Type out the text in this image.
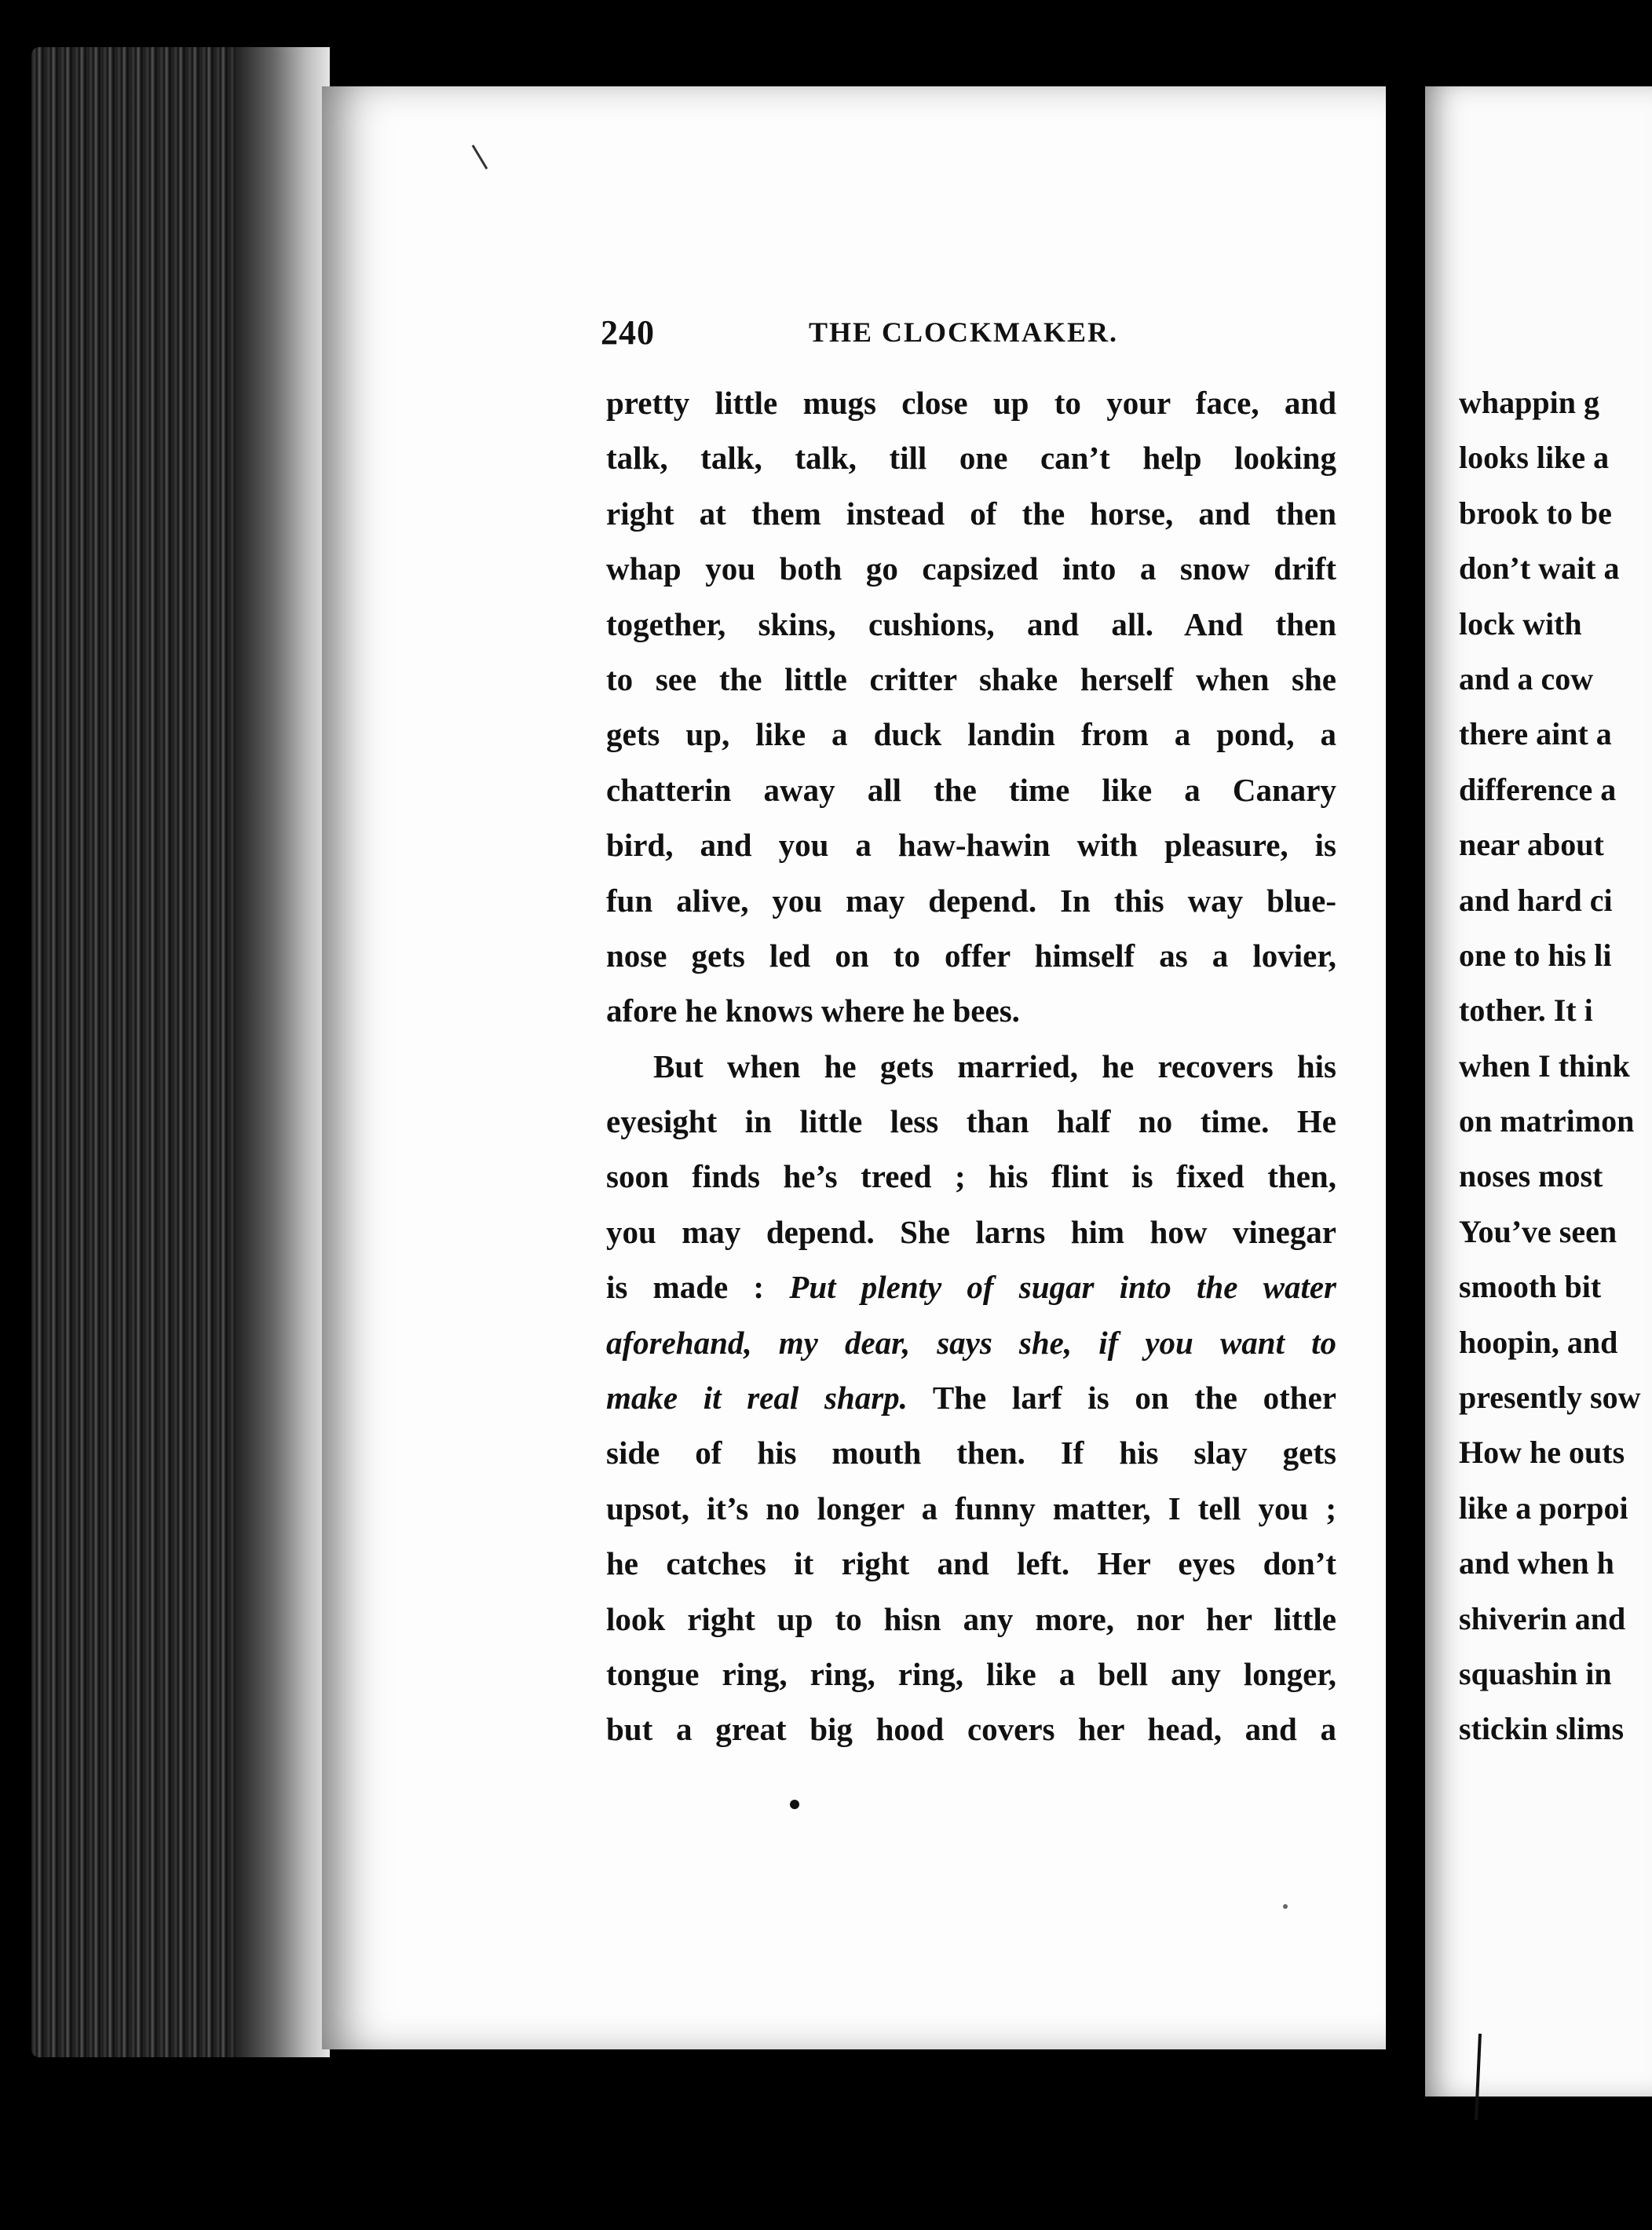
240	THE CLOCKMAKER.
pretty little mugs close up to your face, and
talk, talk, talk, till one can’t help looking
right at them instead of the horse, and then
whap you both go capsized into a snow drift
together, skins, cushions, and all. And then
to see the little critter shake herself when she
gets up, like a duck landin from a pond, a
chatterin away all the time like a Canary
bird, and you a haw-hawin with pleasure, is
fun alive, you may depend. In this way blue-
nose gets led on to offer himself as a lovier,
afore he knows where he bees.
But when he gets married, he recovers his
eyesight in little less than half no time. He
soon finds he’s treed ; his flint is fixed then,
you may depend. She larns him how vinegar
is made : Put plenty of sugar into the water
aforehand, my dear, says she, if you want to
make it real sharp. The larf is on the other
side of his mouth then. If his slay gets
upsot, it’s no longer a funny matter, I tell you ;
he catches it right and left. Her eyes don’t
look right up to hisn any more, nor her little
tongue ring, ring, ring, like a bell any longer,
but a great big hood covers her head, and a
whappin g
looks like a
brook to be
don’t wait a
lock with
and a cow
there aint a
difference a
near about
and hard ci
one to his li
tother. It i
when I think
on matrimon
noses most
You’ve seen
smooth bit
hoopin, and
presently sow
How he outs
like a porpoi
and when h
shiverin and
squashin in
stickin slims
